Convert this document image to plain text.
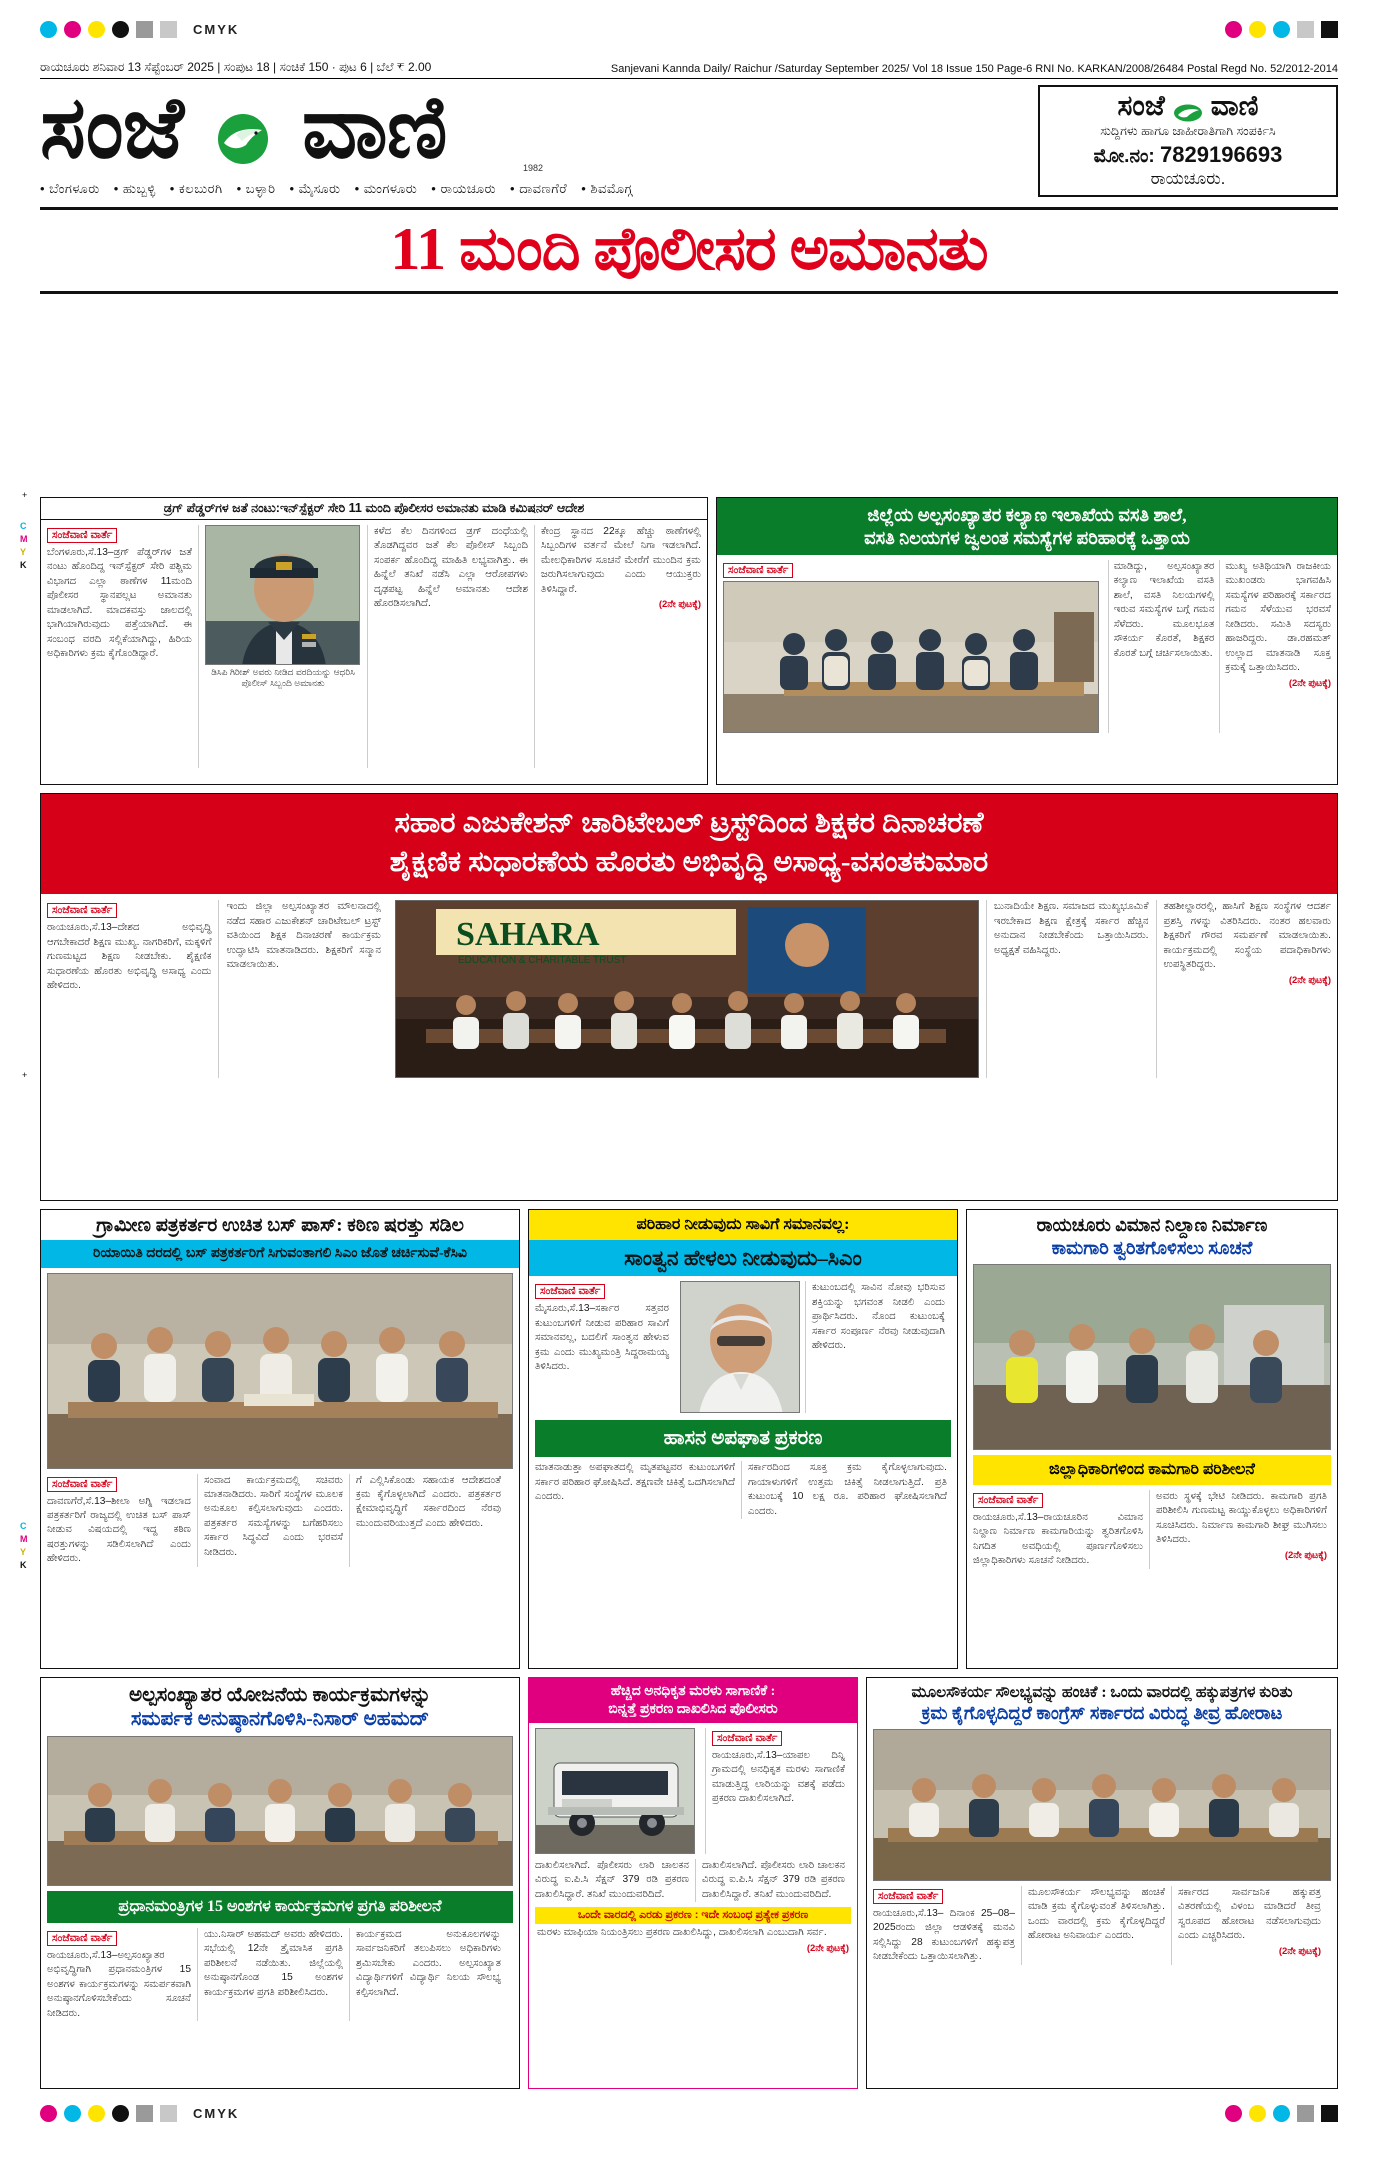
CMYK
ರಾಯಚೂರು ಶನಿವಾರ 13 ಸೆಪ್ಟೆಂಬರ್ 2025 | ಸಂಪುಟ 18 | ಸಂಚಿಕೆ 150 · ಪುಟ 6 | ಬೆಲೆ ₹ 2.00	Sanjevani Kannda Daily/ Raichur /Saturday September 2025/ Vol 18 Issue 150 Page-6 RNI No. KARKAN/2008/26484 Postal Regd No. 52/2012-2014
ಸಂಜೆ ವಾಣಿ	1982
• ಬೆಂಗಳೂರು	• ಹುಬ್ಬಳ್ಳಿ	• ಕಲಬುರಗಿ	• ಬಳ್ಳಾರಿ	• ಮೈಸೂರು	• ಮಂಗಳೂರು	• ರಾಯಚೂರು	• ದಾವಣಗೆರೆ	• ಶಿವಮೊಗ್ಗ
ಸಂಜೆ ವಾಣಿ
ಸುದ್ದಿಗಳು ಹಾಗೂ ಜಾಹೀರಾತಿಗಾಗಿ ಸಂಪರ್ಕಿಸಿ
ಮೋ.ನಂ: 7829196693
ರಾಯಚೂರು.
11 ಮಂದಿ ಪೊಲೀಸರ ಅಮಾನತು
C
M
Y
K
C
M
Y
K
+
+
ಡ್ರಗ್ ಪೆಡ್ಡರ್‌ಗಳ ಜತೆ ನಂಟು:ಇನ್‌ಸ್ಪೆಕ್ಟರ್ ಸೇರಿ 11 ಮಂದಿ ಪೊಲೀಸರ ಅಮಾನತು ಮಾಡಿ ಕಮಿಷನರ್ ಆದೇಶ
ಸಂಜೆವಾಣಿ ವಾರ್ತೆ
ಬೆಂಗಳೂರು,ಸೆ.13–ಡ್ರಗ್ ಪೆಡ್ಡರ್‌ಗಳ ಜತೆ ನಂಟು ಹೊಂದಿದ್ದ ಇನ್‌ಸ್ಪೆಕ್ಟರ್ ಸೇರಿ ಪಶ್ಚಿಮ ವಿಭಾಗದ ಎಲ್ಲಾ ಠಾಣೆಗಳ 11ಮಂದಿ ಪೊಲೀಸರ ಸ್ಥಾನಪಲ್ಲಟ ಅಮಾನತು ಮಾಡಲಾಗಿದೆ. ಮಾದಕವಸ್ತು ಜಾಲದಲ್ಲಿ ಭಾಗಿಯಾಗಿರುವುದು ಪತ್ತೆಯಾಗಿದೆ. ಈ ಸಂಬಂಧ ವರದಿ ಸಲ್ಲಿಕೆಯಾಗಿದ್ದು, ಹಿರಿಯ ಅಧಿಕಾರಿಗಳು ಕ್ರಮ ಕೈಗೊಂಡಿದ್ದಾರೆ.
ಡಿಸಿಪಿ ಗಿರೀಶ್ ಅವರು ನೀಡಿದ ವರದಿಯನ್ನು ಆಧರಿಸಿ ಪೊಲೀಸ್ ಸಿಬ್ಬಂದಿ ಅಮಾನತು
ಕಳೆದ ಕೆಲ ದಿನಗಳಿಂದ ಡ್ರಗ್ ದಂಧೆಯಲ್ಲಿ ತೊಡಗಿದ್ದವರ ಜತೆ ಕೆಲ ಪೊಲೀಸ್ ಸಿಬ್ಬಂದಿ ಸಂಪರ್ಕ ಹೊಂದಿದ್ದ ಮಾಹಿತಿ ಲಭ್ಯವಾಗಿತ್ತು. ಈ ಹಿನ್ನೆಲೆ ತನಿಖೆ ನಡೆಸಿ ಎಲ್ಲಾ ಆರೋಪಗಳು ದೃಢಪಟ್ಟ ಹಿನ್ನೆಲೆ ಅಮಾನತು ಆದೇಶ ಹೊರಡಿಸಲಾಗಿದೆ.
ಕೇಂದ್ರ ಸ್ಥಾನದ 22ಕ್ಕೂ ಹೆಚ್ಚು ಠಾಣೆಗಳಲ್ಲಿ ಸಿಬ್ಬಂದಿಗಳ ವರ್ತನೆ ಮೇಲೆ ನಿಗಾ ಇಡಲಾಗಿದೆ. ಮೇಲಧಿಕಾರಿಗಳ ಸೂಚನೆ ಮೇರೆಗೆ ಮುಂದಿನ ಕ್ರಮ ಜರುಗಿಸಲಾಗುವುದು ಎಂದು ಆಯುಕ್ತರು ತಿಳಿಸಿದ್ದಾರೆ.
(2ನೇ ಪುಟಕ್ಕೆ)
ಜಿಲ್ಲೆಯ ಅಲ್ಪಸಂಖ್ಯಾತರ ಕಲ್ಯಾಣ ಇಲಾಖೆಯ ವಸತಿ ಶಾಲೆ,
ವಸತಿ ನಿಲಯಗಳ ಜ್ವಲಂತ ಸಮಸ್ಯೆಗಳ ಪರಿಹಾರಕ್ಕೆ ಒತ್ತಾಯ
ಸಂಜೆವಾಣಿ ವಾರ್ತೆ	ಮಾಡಿದ್ದು, ಅಲ್ಪಸಂಖ್ಯಾತರ ಕಲ್ಯಾಣ ಇಲಾಖೆಯ ವಸತಿ ಶಾಲೆ, ವಸತಿ ನಿಲಯಗಳಲ್ಲಿ ಇರುವ ಸಮಸ್ಯೆಗಳ ಬಗ್ಗೆ ಗಮನ ಸೆಳೆದರು. ಮೂಲಭೂತ ಸೌಕರ್ಯ ಕೊರತೆ, ಶಿಕ್ಷಕರ ಕೊರತೆ ಬಗ್ಗೆ ಚರ್ಚಿಸಲಾಯಿತು.
ಮುಖ್ಯ ಅತಿಥಿಯಾಗಿ ರಾಜಕೀಯ ಮುಖಂಡರು ಭಾಗವಹಿಸಿ ಸಮಸ್ಯೆಗಳ ಪರಿಹಾರಕ್ಕೆ ಸರ್ಕಾರದ ಗಮನ ಸೆಳೆಯುವ ಭರವಸೆ ನೀಡಿದರು. ಸಮಿತಿ ಸದಸ್ಯರು ಹಾಜರಿದ್ದರು. ಡಾ.ರಹಮತ್ ಉಲ್ಲಾದ ಮಾತನಾಡಿ ಸೂಕ್ತ ಕ್ರಮಕ್ಕೆ ಒತ್ತಾಯಿಸಿದರು.
(2ನೇ ಪುಟಕ್ಕೆ)
ಸಹಾರ ಎಜುಕೇಶನ್ ಚಾರಿಟೇಬಲ್ ಟ್ರಸ್ಟ್‌ದಿಂದ ಶಿಕ್ಷಕರ ದಿನಾಚರಣೆ
ಶೈಕ್ಷಣಿಕ ಸುಧಾರಣೆಯ ಹೊರತು ಅಭಿವೃದ್ಧಿ ಅಸಾಧ್ಯ-ವಸಂತಕುಮಾರ
ಸಂಜೆವಾಣಿ ವಾರ್ತೆ
ರಾಯಚೂರು,ಸೆ.13–ದೇಶದ ಅಭಿವೃದ್ಧಿ ಆಗಬೇಕಾದರೆ ಶಿಕ್ಷಣ ಮುಖ್ಯ. ನಾಗರಿಕರಿಗೆ, ಮಕ್ಕಳಿಗೆ ಗುಣಮಟ್ಟದ ಶಿಕ್ಷಣ ನೀಡಬೇಕು. ಶೈಕ್ಷಣಿಕ ಸುಧಾರಣೆಯ ಹೊರತು ಅಭಿವೃದ್ಧಿ ಅಸಾಧ್ಯ ಎಂದು ಹೇಳಿದರು.
ಇಂದು ಜಿಲ್ಲಾ ಅಲ್ಪಸಂಖ್ಯಾತರ ಮೌಲನಾದಲ್ಲಿ ನಡೆದ ಸಹಾರ ಎಜುಕೇಶನ್ ಚಾರಿಟೇಬಲ್ ಟ್ರಸ್ಟ್ ವತಿಯಿಂದ ಶಿಕ್ಷಕ ದಿನಾಚರಣೆ ಕಾರ್ಯಕ್ರಮ ಉದ್ಘಾಟಿಸಿ ಮಾತನಾಡಿದರು. ಶಿಕ್ಷಕರಿಗೆ ಸನ್ಮಾನ ಮಾಡಲಾಯಿತು.
SAHARA
EDUCATION & CHARITABLE TRUST
ಬುನಾದಿಯೇ ಶಿಕ್ಷಣ. ಸಮಾಜದ ಮುಖ್ಯಭೂಮಿಕೆ ಇರಬೇಕಾದ ಶಿಕ್ಷಣ ಕ್ಷೇತ್ರಕ್ಕೆ ಸರ್ಕಾರ ಹೆಚ್ಚಿನ ಅನುದಾನ ನೀಡಬೇಕೆಂದು ಒತ್ತಾಯಿಸಿದರು. ಅಧ್ಯಕ್ಷತೆ ವಹಿಸಿದ್ದರು.
ತಹಶೀಲ್ದಾರರಲ್ಲಿ, ಹಾಸಿಗೆ ಶಿಕ್ಷಣ ಸಂಸ್ಥೆಗಳ ಆದರ್ಶ ಪ್ರಶಸ್ತಿ ಗಳನ್ನು ವಿತರಿಸಿದರು. ನಂತರ ಹಲವಾರು ಶಿಕ್ಷಕರಿಗೆ ಗೌರವ ಸಮರ್ಪಣೆ ಮಾಡಲಾಯಿತು. ಕಾರ್ಯಕ್ರಮದಲ್ಲಿ ಸಂಸ್ಥೆಯ ಪದಾಧಿಕಾರಿಗಳು ಉಪಸ್ಥಿತರಿದ್ದರು.
(2ನೇ ಪುಟಕ್ಕೆ)
ಗ್ರಾಮೀಣ ಪತ್ರಕರ್ತರ ಉಚಿತ ಬಸ್ ಪಾಸ್: ಕಠಿಣ ಷರತ್ತು ಸಡಿಲ
ರಿಯಾಯಿತಿ ದರದಲ್ಲಿ ಬಸ್ ಪತ್ರಕರ್ತರಿಗೆ ಸಿಗುವಂತಾಗಲಿ ಸಿಎಂ ಜೊತೆ ಚರ್ಚಿಸುವೆ-ಕೆಸಿವಿ
ಸಂಜೆವಾಣಿ ವಾರ್ತೆ
ದಾವಣಗೆರೆ,ಸೆ.13–ಶೀಲಾ ಅಗ್ನಿ ಇಡಲಾದ ಪತ್ರಕರ್ತರಿಗೆ ರಾಜ್ಯದಲ್ಲಿ ಉಚಿತ ಬಸ್ ಪಾಸ್ ನೀಡುವ ವಿಷಯದಲ್ಲಿ ಇದ್ದ ಕಠಿಣ ಷರತ್ತುಗಳನ್ನು ಸಡಿಲಿಸಲಾಗಿದೆ ಎಂದು ಹೇಳಿದರು.
ಸಂವಾದ ಕಾರ್ಯಕ್ರಮದಲ್ಲಿ ಸಚಿವರು ಮಾತನಾಡಿದರು. ಸಾರಿಗೆ ಸಂಸ್ಥೆಗಳ ಮೂಲಕ ಅನುಕೂಲ ಕಲ್ಪಿಸಲಾಗುವುದು ಎಂದರು. ಪತ್ರಕರ್ತರ ಸಮಸ್ಯೆಗಳನ್ನು ಬಗೆಹರಿಸಲು ಸರ್ಕಾರ ಸಿದ್ಧವಿದೆ ಎಂದು ಭರವಸೆ ನೀಡಿದರು.
ಗೆ ಎಲ್ಲಿಸಿಕೊಂಡು ಸಹಾಯಕ ಆದೇಶದಂತೆ ಕ್ರಮ ಕೈಗೊಳ್ಳಲಾಗಿದೆ ಎಂದರು. ಪತ್ರಕರ್ತರ ಕ್ಷೇಮಾಭಿವೃದ್ಧಿಗೆ ಸರ್ಕಾರದಿಂದ ನೆರವು ಮುಂದುವರಿಯುತ್ತದೆ ಎಂದು ಹೇಳಿದರು.
ಪರಿಹಾರ ನೀಡುವುದು ಸಾವಿಗೆ ಸಮಾನವಲ್ಲ:
ಸಾಂತ್ವನ ಹೇಳಲು ನೀಡುವುದು–ಸಿಎಂ
ಸಂಜೆವಾಣಿ ವಾರ್ತೆ
ಮೈಸೂರು,ಸೆ.13–ಸರ್ಕಾರ ಸತ್ತವರ ಕುಟುಂಬಗಳಿಗೆ ನೀಡುವ ಪರಿಹಾರ ಸಾವಿಗೆ ಸಮಾನವಲ್ಲ, ಬದಲಿಗೆ ಸಾಂತ್ವನ ಹೇಳುವ ಕ್ರಮ ಎಂದು ಮುಖ್ಯಮಂತ್ರಿ ಸಿದ್ದರಾಮಯ್ಯ ತಿಳಿಸಿದರು.
ಕುಟುಂಬದಲ್ಲಿ ಸಾವಿನ ನೋವು ಭರಿಸುವ ಶಕ್ತಿಯನ್ನು ಭಗವಂತ ನೀಡಲಿ ಎಂದು ಪ್ರಾರ್ಥಿಸಿದರು. ನೊಂದ ಕುಟುಂಬಕ್ಕೆ ಸರ್ಕಾರ ಸಂಪೂರ್ಣ ನೆರವು ನೀಡುವುದಾಗಿ ಹೇಳಿದರು.
ಹಾಸನ ಅಪಘಾತ ಪ್ರಕರಣ
ಮಾತನಾಡುತ್ತಾ ಅಪಘಾತದಲ್ಲಿ ಮೃತಪಟ್ಟವರ ಕುಟುಂಬಗಳಿಗೆ ಸರ್ಕಾರ ಪರಿಹಾರ ಘೋಷಿಸಿದೆ. ತಕ್ಷಣವೇ ಚಿಕಿತ್ಸೆ ಒದಗಿಸಲಾಗಿದೆ ಎಂದರು.
ಸರ್ಕಾರದಿಂದ ಸೂಕ್ತ ಕ್ರಮ ಕೈಗೊಳ್ಳಲಾಗುವುದು. ಗಾಯಾಳುಗಳಿಗೆ ಉತ್ತಮ ಚಿಕಿತ್ಸೆ ನೀಡಲಾಗುತ್ತಿದೆ. ಪ್ರತಿ ಕುಟುಂಬಕ್ಕೆ 10 ಲಕ್ಷ ರೂ. ಪರಿಹಾರ ಘೋಷಿಸಲಾಗಿದೆ ಎಂದರು.
ರಾಯಚೂರು ವಿಮಾನ ನಿಲ್ದಾಣ ನಿರ್ಮಾಣ
ಕಾಮಗಾರಿ ತ್ವರಿತಗೊಳಿಸಲು ಸೂಚನೆ
ಜಿಲ್ಲಾಧಿಕಾರಿಗಳಿಂದ ಕಾಮಗಾರಿ ಪರಿಶೀಲನೆ
ಸಂಜೆವಾಣಿ ವಾರ್ತೆ
ರಾಯಚೂರು,ಸೆ.13–ರಾಯಚೂರಿನ ವಿಮಾನ ನಿಲ್ದಾಣ ನಿರ್ಮಾಣ ಕಾಮಗಾರಿಯನ್ನು ತ್ವರಿತಗೊಳಿಸಿ ನಿಗದಿತ ಅವಧಿಯಲ್ಲಿ ಪೂರ್ಣಗೊಳಿಸಲು ಜಿಲ್ಲಾಧಿಕಾರಿಗಳು ಸೂಚನೆ ನೀಡಿದರು.
ಅವರು ಸ್ಥಳಕ್ಕೆ ಭೇಟಿ ನೀಡಿದರು. ಕಾಮಗಾರಿ ಪ್ರಗತಿ ಪರಿಶೀಲಿಸಿ ಗುಣಮಟ್ಟ ಕಾಯ್ದುಕೊಳ್ಳಲು ಅಧಿಕಾರಿಗಳಿಗೆ ಸೂಚಿಸಿದರು. ನಿರ್ಮಾಣ ಕಾಮಗಾರಿ ಶೀಘ್ರ ಮುಗಿಸಲು ತಿಳಿಸಿದರು.
(2ನೇ ಪುಟಕ್ಕೆ)
ಅಲ್ಪಸಂಖ್ಯಾತರ ಯೋಜನೆಯ ಕಾರ್ಯಕ್ರಮಗಳನ್ನು
ಸಮರ್ಪಕ ಅನುಷ್ಠಾನಗೊಳಿಸಿ-ನಿಸಾರ್ ಅಹಮದ್
ಪ್ರಧಾನಮಂತ್ರಿಗಳ 15 ಅಂಶಗಳ ಕಾರ್ಯಕ್ರಮಗಳ ಪ್ರಗತಿ ಪರಿಶೀಲನೆ
ಸಂಜೆವಾಣಿ ವಾರ್ತೆ
ರಾಯಚೂರು,ಸೆ.13–ಅಲ್ಪಸಂಖ್ಯಾತರ ಅಭಿವೃದ್ಧಿಗಾಗಿ ಪ್ರಧಾನಮಂತ್ರಿಗಳ 15 ಅಂಶಗಳ ಕಾರ್ಯಕ್ರಮಗಳನ್ನು ಸಮರ್ಪಕವಾಗಿ ಅನುಷ್ಠಾನಗೊಳಿಸಬೇಕೆಂದು ಸೂಚನೆ ನೀಡಿದರು.
ಯು.ನಿಸಾರ್ ಅಹಮದ್ ಅವರು ಹೇಳಿದರು. ಸಭೆಯಲ್ಲಿ 12ನೇ ತ್ರೈಮಾಸಿಕ ಪ್ರಗತಿ ಪರಿಶೀಲನೆ ನಡೆಯಿತು. ಜಿಲ್ಲೆಯಲ್ಲಿ ಅನುಷ್ಠಾನಗೊಂಡ 15 ಅಂಶಗಳ ಕಾರ್ಯಕ್ರಮಗಳ ಪ್ರಗತಿ ಪರಿಶೀಲಿಸಿದರು.
ಕಾರ್ಯಕ್ರಮದ ಅನುಕೂಲಗಳನ್ನು ಸಾರ್ವಜನಿಕರಿಗೆ ತಲುಪಿಸಲು ಅಧಿಕಾರಿಗಳು ಶ್ರಮಿಸಬೇಕು ಎಂದರು. ಅಲ್ಪಸಂಖ್ಯಾತ ವಿದ್ಯಾರ್ಥಿಗಳಿಗೆ ವಿದ್ಯಾರ್ಥಿ ನಿಲಯ ಸೌಲಭ್ಯ ಕಲ್ಪಿಸಲಾಗಿದೆ.
ಹೆಚ್ಚಿದ ಅನಧಿಕೃತ ಮರಳು ಸಾಗಾಣಿಕೆ :
ಬಿನ್ನತ್ತೆ ಪ್ರಕರಣ ದಾಖಲಿಸಿದ ಪೊಲೀಸರು
ಸಂಜೆವಾಣಿ ವಾರ್ತೆ
ರಾಯಚೂರು,ಸೆ.13–ಯಾಪಲ ದಿನ್ನಿ ಗ್ರಾಮದಲ್ಲಿ ಅನಧಿಕೃತ ಮರಳು ಸಾಗಾಣಿಕೆ ಮಾಡುತ್ತಿದ್ದ ಲಾರಿಯನ್ನು ವಶಕ್ಕೆ ಪಡೆದು ಪ್ರಕರಣ ದಾಖಲಿಸಲಾಗಿದೆ.
ದಾಖಲಿಸಲಾಗಿದೆ. ಪೊಲೀಸರು ಲಾರಿ ಚಾಲಕನ ವಿರುದ್ಧ ಐ.ಪಿ.ಸಿ ಸೆಕ್ಷನ್ 379 ರಡಿ ಪ್ರಕರಣ ದಾಖಲಿಸಿದ್ದಾರೆ. ತನಿಖೆ ಮುಂದುವರಿದಿದೆ.
ದಾಖಲಿಸಲಾಗಿದೆ. ಪೊಲೀಸರು ಲಾರಿ ಚಾಲಕನ ವಿರುದ್ಧ ಐ.ಪಿ.ಸಿ ಸೆಕ್ಷನ್ 379 ರಡಿ ಪ್ರಕರಣ ದಾಖಲಿಸಿದ್ದಾರೆ. ತನಿಖೆ ಮುಂದುವರಿದಿದೆ.
ಒಂದೇ ವಾರದಲ್ಲಿ ಎರಡು ಪ್ರಕರಣ : ಇದೇ ಸಂಬಂಧ ಪ್ರತ್ಯೇಕ ಪ್ರಕರಣ
ಮರಳು ಮಾಫಿಯಾ ನಿಯಂತ್ರಿಸಲು ಪ್ರಕರಣ ದಾಖಲಿಸಿದ್ದು, ದಾಖಲಿಸಲಾಗಿ ಎಂಬುದಾಗಿ ಸರ್ವ.
(2ನೇ ಪುಟಕ್ಕೆ)
ಮೂಲಸೌಕರ್ಯ ಸೌಲಭ್ಯವನ್ನು ಹಂಚಿಕೆ : ಒಂದು ವಾರದಲ್ಲಿ ಹಕ್ಕುಪತ್ರಗಳ ಕುರಿತು
ಕ್ರಮ ಕೈಗೊಳ್ಳದಿದ್ದರೆ ಕಾಂಗ್ರೆಸ್ ಸರ್ಕಾರದ ವಿರುದ್ಧ ತೀವ್ರ ಹೋರಾಟ
ಸಂಜೆವಾಣಿ ವಾರ್ತೆ
ರಾಯಚೂರು,ಸೆ.13– ದಿನಾಂಕ 25–08–2025ರಂದು ಜಿಲ್ಲಾ ಆಡಳಿತಕ್ಕೆ ಮನವಿ ಸಲ್ಲಿಸಿದ್ದು 28 ಕುಟುಂಬಗಳಿಗೆ ಹಕ್ಕುಪತ್ರ ನೀಡಬೇಕೆಂದು ಒತ್ತಾಯಿಸಲಾಗಿತ್ತು.
ಮೂಲಸೌಕರ್ಯ ಸೌಲಭ್ಯವನ್ನು ಹಂಚಿಕೆ ಮಾಡಿ ಕ್ರಮ ಕೈಗೊಳ್ಳುವಂತೆ ತಿಳಿಸಲಾಗಿತ್ತು. ಒಂದು ವಾರದಲ್ಲಿ ಕ್ರಮ ಕೈಗೊಳ್ಳದಿದ್ದರೆ ಹೋರಾಟ ಅನಿವಾರ್ಯ ಎಂದರು.
ಸರ್ಕಾರದ ಸಾರ್ವಜನಿಕ ಹಕ್ಕುಪತ್ರ ವಿತರಣೆಯಲ್ಲಿ ವಿಳಂಬ ಮಾಡಿದರೆ ತೀವ್ರ ಸ್ವರೂಪದ ಹೋರಾಟ ನಡೆಸಲಾಗುವುದು ಎಂದು ಎಚ್ಚರಿಸಿದರು.
(2ನೇ ಪುಟಕ್ಕೆ)
CMYK
